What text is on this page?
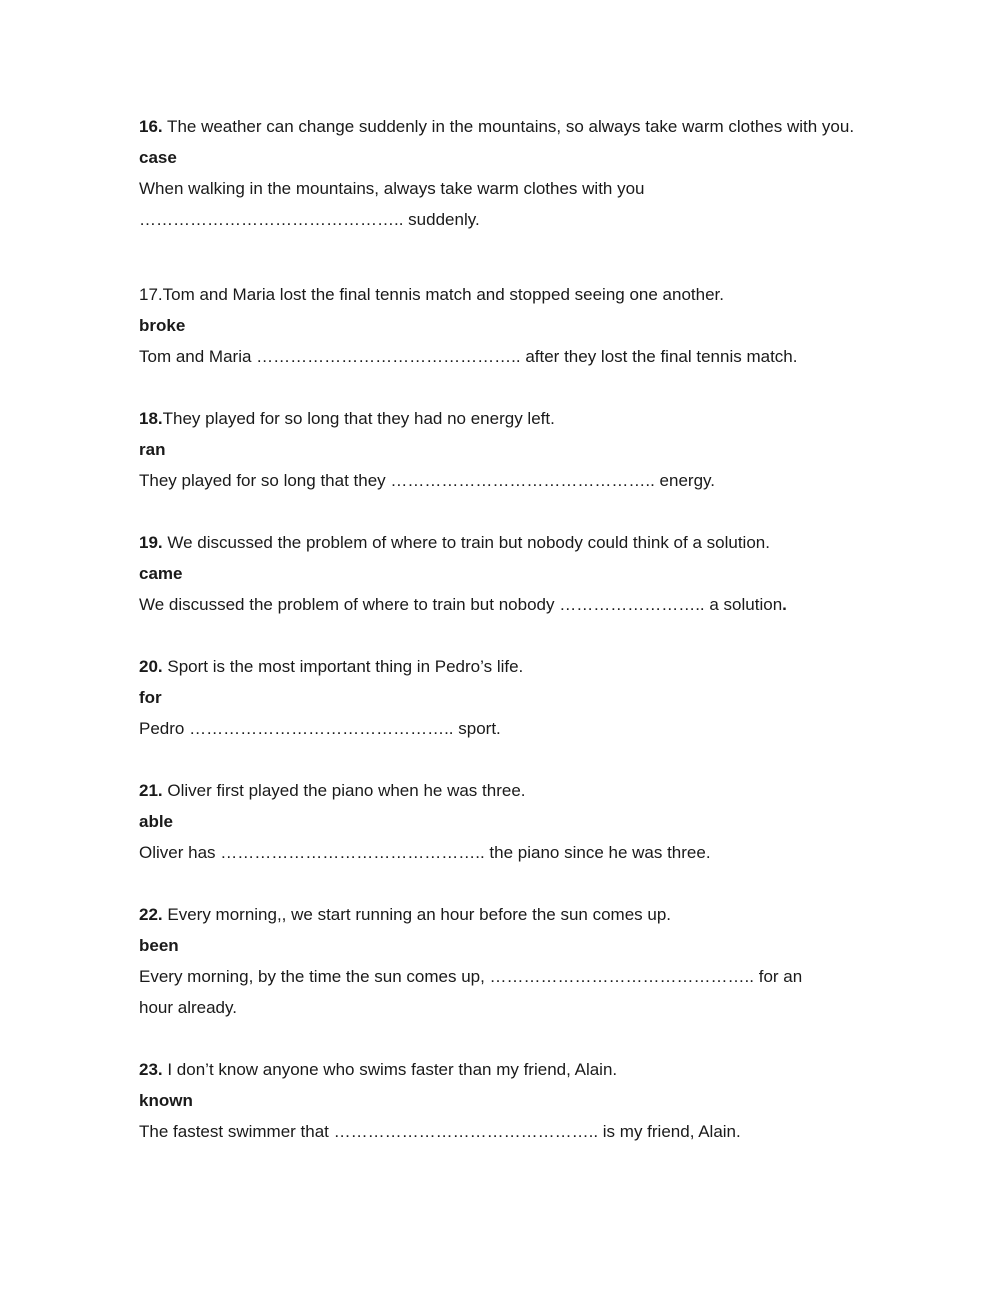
16. The weather can change suddenly in the mountains, so always take warm clothes with you.
case
When walking in the mountains, always take warm clothes with you
……………………………………….. suddenly.
17.Tom and Maria lost the final tennis match and stopped seeing one another.
broke
Tom and Maria ……………………………………….. after they lost the final tennis match.
18.They played for so long that they had no energy left.
ran
They played for so long that they ……………………………………….. energy.
19. We discussed the problem of where to train but nobody could think of a solution.
came
We discussed the problem of where to train but nobody …………………….. a solution.
20. Sport is the most important thing in Pedro’s life.
for
Pedro ……………………………………….. sport.
21. Oliver first played the piano when he was three.
able
Oliver has ……………………………………….. the piano since he was three.
22. Every morning,, we start running an hour before the sun comes up.
been
Every morning, by the time the sun comes up, ……………………………………….. for an
hour already.
23. I don’t know anyone who swims faster than my friend, Alain.
known
The fastest swimmer that ……………………………………….. is my friend, Alain.
